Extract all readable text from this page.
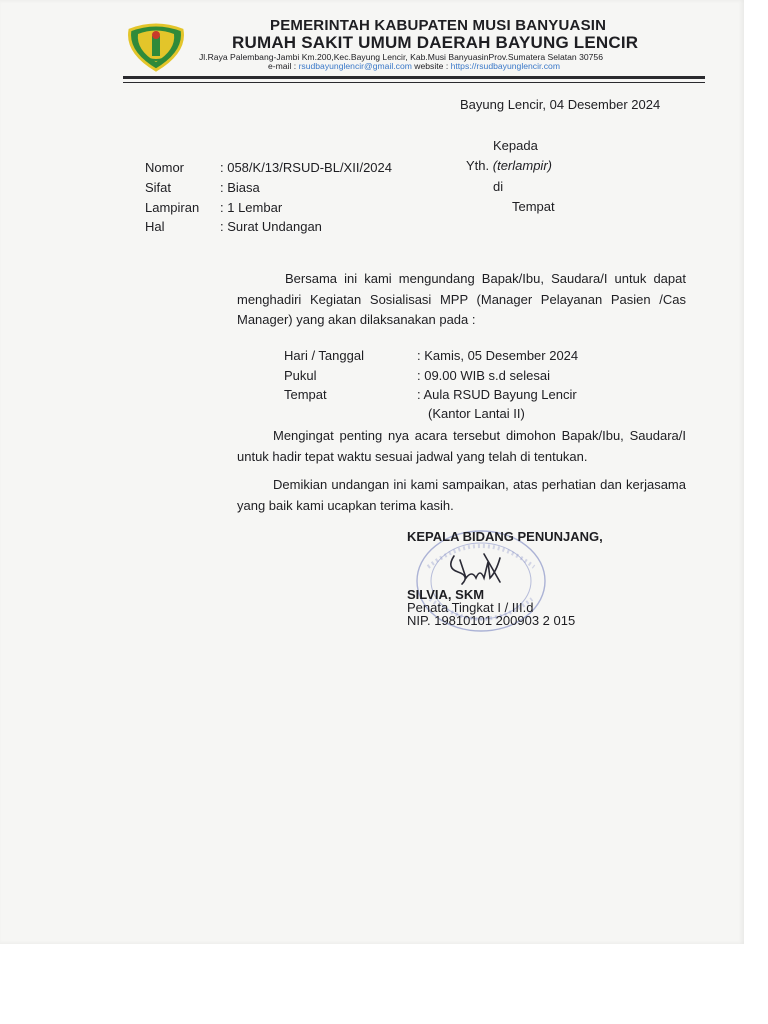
PEMERINTAH KABUPATEN MUSI BANYUASIN
RUMAH SAKIT UMUM DAERAH BAYUNG LENCIR
Jl.Raya Palembang-Jambi Km.200,Kec.Bayung Lencir, Kab.Musi BanyuasinProv.Sumatera Selatan 30756
e-mail : rsudbayunglencir@gmail.com website : https://rsudbayunglencir.com
Bayung Lencir, 04 Desember 2024
Kepada
Yth. (terlampir)
di
Tempat
Nomor	: 058/K/13/RSUD-BL/XII/2024
Sifat	: Biasa
Lampiran : 1 Lembar
Hal	: Surat Undangan
Bersama ini kami mengundang Bapak/Ibu, Saudara/I untuk dapat menghadiri Kegiatan Sosialisasi MPP (Manager Pelayanan Pasien /Cas Manager) yang akan dilaksanakan pada :
Hari / Tanggal	: Kamis, 05 Desember 2024
Pukul	: 09.00 WIB s.d selesai
Tempat	: Aula RSUD Bayung Lencir
(Kantor Lantai II)
Mengingat penting nya acara tersebut dimohon Bapak/Ibu, Saudara/I untuk hadir tepat waktu sesuai jadwal yang telah di tentukan.
Demikian undangan ini kami sampaikan, atas perhatian dan kerjasama yang baik kami ucapkan terima kasih.
KEPALA BIDANG PENUNJANG,
SILVIA, SKM
Penata Tingkat I / III.d
NIP. 19810101 200903 2 015
